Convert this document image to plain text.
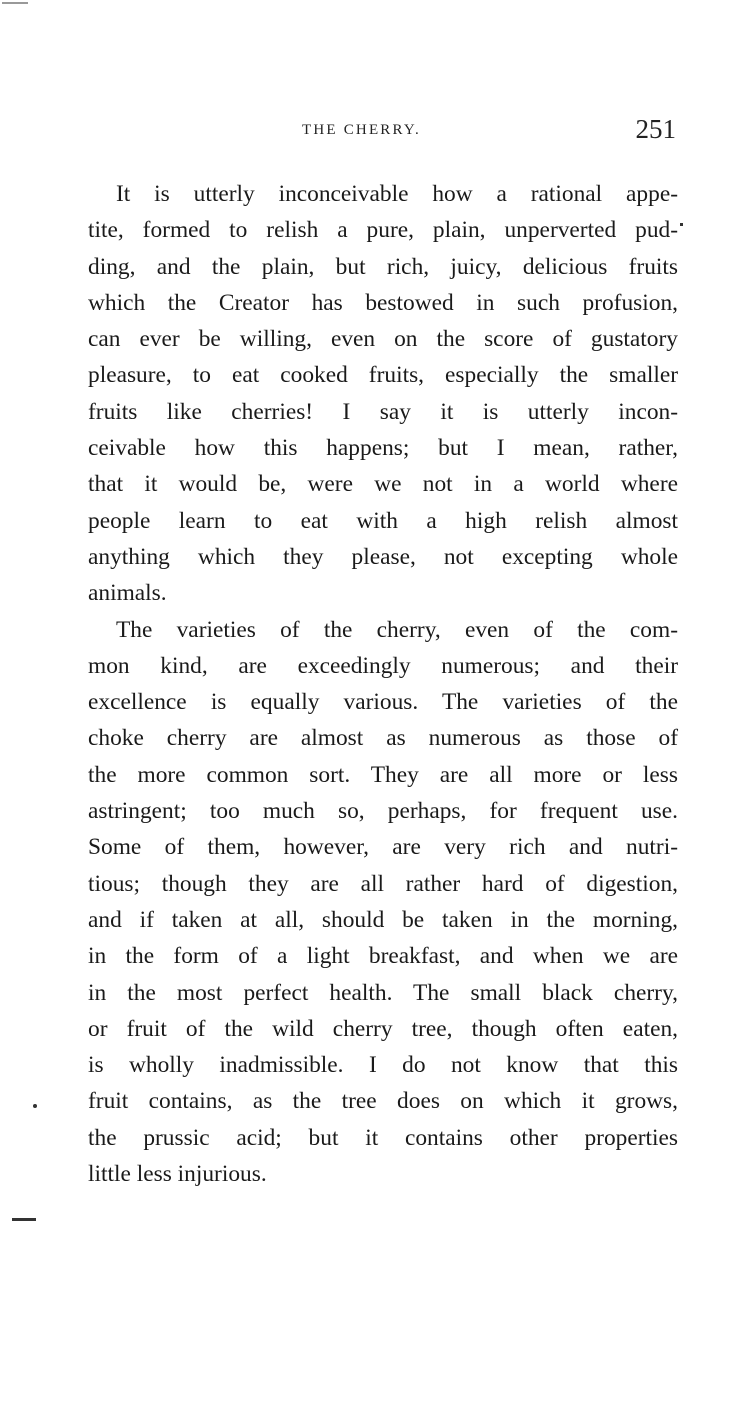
THE CHERRY.	251
It is utterly inconceivable how a rational appe-
tite, formed to relish a pure, plain, unperverted pud-
ding, and the plain, but rich, juicy, delicious fruits
which the Creator has bestowed in such profusion,
can ever be willing, even on the score of gustatory
pleasure, to eat cooked fruits, especially the smaller
fruits like cherries! I say it is utterly incon-
ceivable how this happens; but I mean, rather,
that it would be, were we not in a world where
people learn to eat with a high relish almost
anything which they please, not excepting whole
animals.
The varieties of the cherry, even of the com-
mon kind, are exceedingly numerous; and their
excellence is equally various. The varieties of the
choke cherry are almost as numerous as those of
the more common sort. They are all more or less
astringent; too much so, perhaps, for frequent use.
Some of them, however, are very rich and nutri-
tious; though they are all rather hard of digestion,
and if taken at all, should be taken in the morning,
in the form of a light breakfast, and when we are
in the most perfect health. The small black cherry,
or fruit of the wild cherry tree, though often eaten,
is wholly inadmissible. I do not know that this
fruit contains, as the tree does on which it grows,
the prussic acid; but it contains other properties
little less injurious.
